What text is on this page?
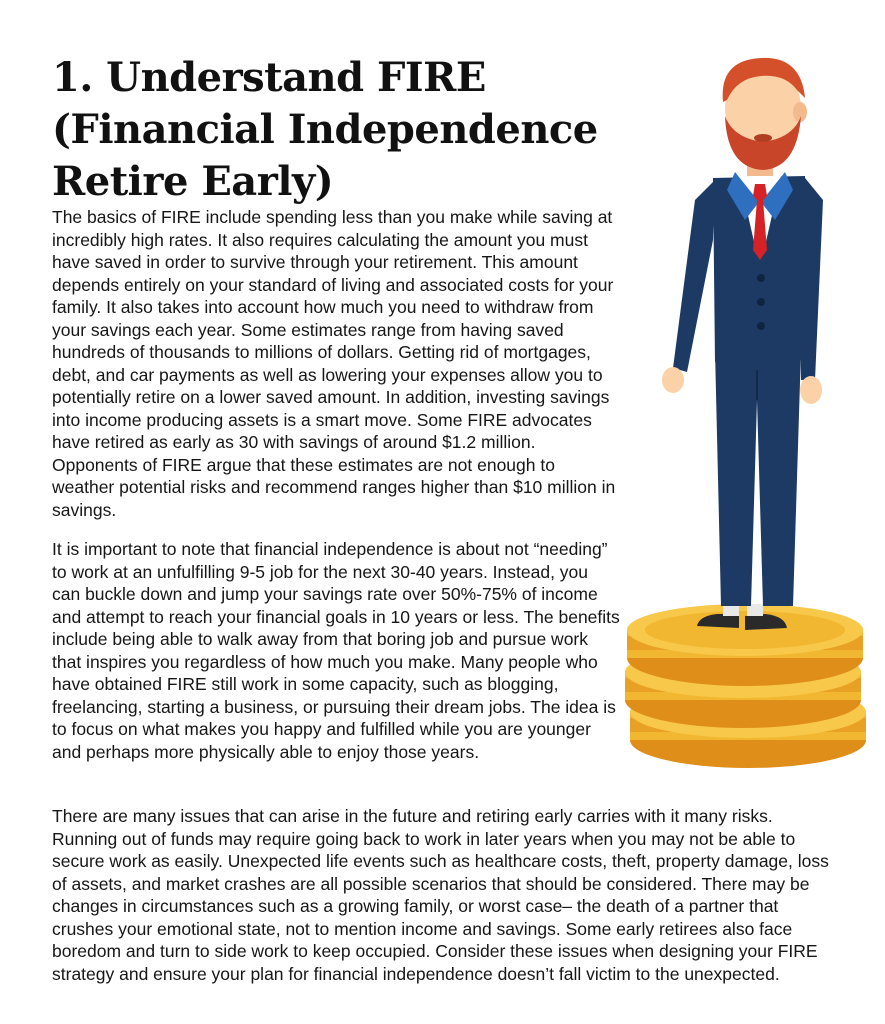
1. Understand FIRE (Financial Independence Retire Early)

The basics of FIRE include spending less than you make while saving at incredibly high rates. It also requires calculating the amount you must have saved in order to survive through your retirement. This amount depends entirely on your standard of living and associated costs for your family. It also takes into account how much you need to withdraw from your savings each year. Some estimates range from having saved hundreds of thousands to millions of dollars. Getting rid of mortgages, debt, and car payments as well as lowering your expenses allow you to potentially retire on a lower saved amount. In addition, investing savings into income producing assets is a smart move. Some FIRE advocates have retired as early as 30 with savings of around $1.2 million. Opponents of FIRE argue that these estimates are not enough to weather potential risks and recommend ranges higher than $10 million in savings.

It is important to note that financial independence is about not “needing” to work at an unfulfilling 9-5 job for the next 30-40 years. Instead, you can buckle down and jump your savings rate over 50%-75% of income and attempt to reach your financial goals in 10 years or less. The benefits include being able to walk away from that boring job and pursue work that inspires you regardless of how much you make. Many people who have obtained FIRE still work in some capacity, such as blogging, freelancing, starting a business, or pursuing their dream jobs. The idea is to focus on what makes you happy and fulfilled while you are younger and perhaps more physically able to enjoy those years.

There are many issues that can arise in the future and retiring early carries with it many risks. Running out of funds may require going back to work in later years when you may not be able to secure work as easily. Unexpected life events such as healthcare costs, theft, property damage, loss of assets, and market crashes are all possible scenarios that should be considered. There may be changes in circumstances such as a growing family, or worst case– the death of a partner that crushes your emotional state, not to mention income and savings. Some early retirees also face boredom and turn to side work to keep occupied. Consider these issues when designing your FIRE strategy and ensure your plan for financial independence doesn’t fall victim to the unexpected.
